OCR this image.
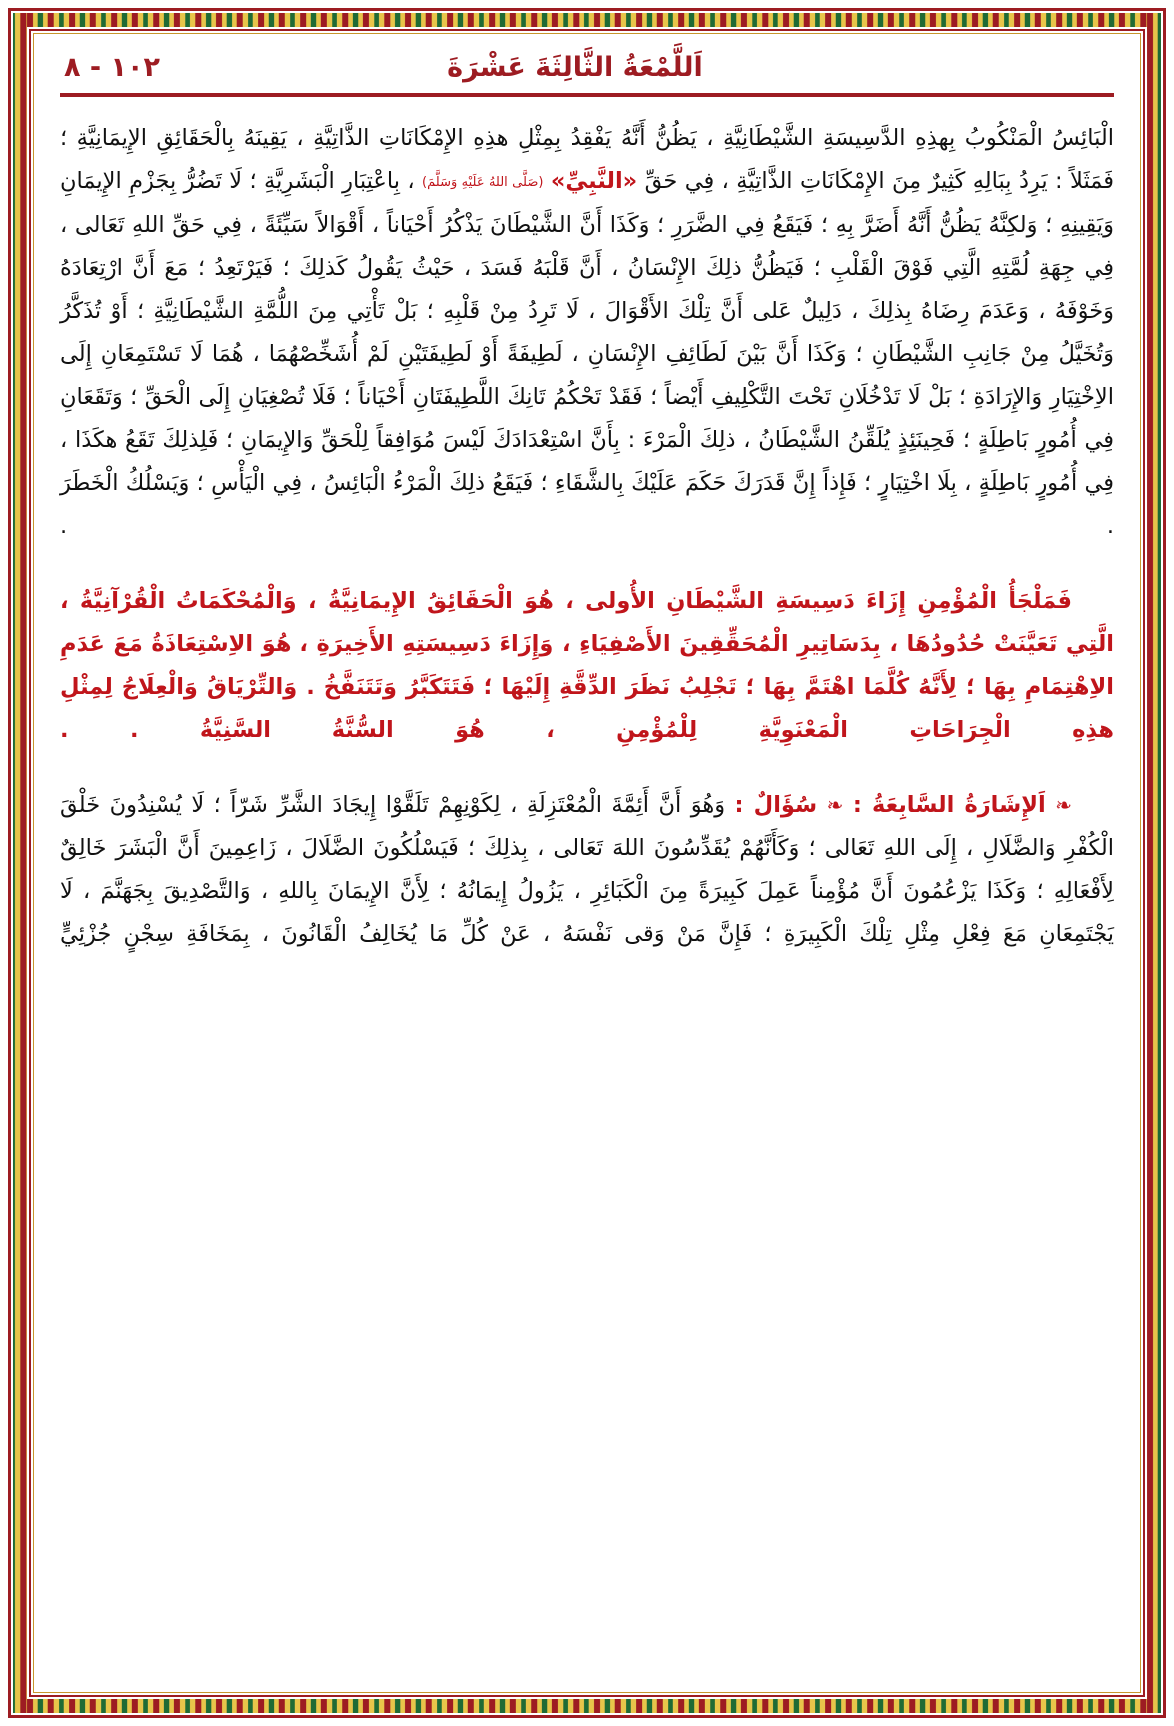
١٠٢ - ٨	اَللَّمْعَةُ الثَّالِثَةَ عَشْرَةَ
الْبَائِسُ الْمَنْكُوبُ بِهذِهِ الدَّسِيسَةِ الشَّيْطَانِيَّةِ ، يَظُنُّ أَنَّهُ يَفْقِدُ بِمِثْلِ هذِهِ الإِمْكَانَاتِ الذَّاتِيَّةِ ، يَقِينَهُ بِالْحَقَائِقِ الإِيمَانِيَّةِ ؛ فَمَثَلاً : يَرِدُ بِبَالِهِ كَثِيرٌ مِنَ الإِمْكَانَاتِ الذَّاتِيَّةِ ، فِي حَقِّ «النَّبِيِّ» (صَلَّى اللهُ عَلَيْهِ وَسَلَّمَ) ، بِاعْتِبَارِ الْبَشَرِيَّةِ ؛ لَا تَضُرُّ بِجَزْمِ الإِيمَانِ وَيَقِينِهِ ؛ وَلكِنَّهُ يَظُنُّ أَنَّهُ أَضَرَّ بِهِ ؛ فَيَقَعُ فِي الضَّرَرِ ؛ وَكَذَا أَنَّ الشَّيْطَانَ يَذْكُرُ أَحْيَاناً ، أَقْوَالاً سَيِّئَةً ، فِي حَقِّ اللهِ تَعَالى ، فِي جِهَةِ لُمَّتِهِ الَّتِي فَوْقَ الْقَلْبِ ؛ فَيَظُنُّ ذلِكَ الإِنْسَانُ ، أَنَّ قَلْبَهُ فَسَدَ ، حَيْثُ يَقُولُ كَذلِكَ ؛ فَيَرْتَعِدُ ؛ مَعَ أَنَّ ارْتِعَادَهُ وَخَوْفَهُ ، وَعَدَمَ رِضَاهُ بِذلِكَ ، دَلِيلٌ عَلى أَنَّ تِلْكَ الأَقْوَالَ ، لَا تَرِدُ مِنْ قَلْبِهِ ؛ بَلْ تَأْتِي مِنَ اللُّمَّةِ الشَّيْطَانِيَّةِ ؛ أَوْ تُذَكَّرُ وَتُخَيَّلُ مِنْ جَانِبِ الشَّيْطَانِ ؛ وَكَذَا أَنَّ بَيْنَ لَطَائِفِ الإِنْسَانِ ، لَطِيفَةً أَوْ لَطِيفَتَيْنِ لَمْ أُشَخِّصْهُمَا ، هُمَا لَا تَسْتَمِعَانِ إِلَى الاِخْتِيَارِ وَالإِرَادَةِ ؛ بَلْ لَا تَدْخُلَانِ تَحْتَ التَّكْلِيفِ أَيْضاً ؛ فَقَدْ تَحْكُمُ تَانِكَ اللَّطِيفَتَانِ أَحْيَاناً ؛ فَلَا تُصْغِيَانِ إِلَى الْحَقِّ ؛ وَتَقَعَانِ فِي أُمُورٍ بَاطِلَةٍ ؛ فَحِينَئِذٍ يُلَقِّنُ الشَّيْطَانُ ، ذلِكَ الْمَرْءَ : بِأَنَّ اسْتِعْدَادَكَ لَيْسَ مُوَافِقاً لِلْحَقِّ وَالإِيمَانِ ؛ فَلِذلِكَ تَقَعُ هكَذَا ، فِي أُمُورٍ بَاطِلَةٍ ، بِلَا اخْتِيَارٍ ؛ فَإِذاً إِنَّ قَدَرَكَ حَكَمَ عَلَيْكَ بِالشَّقَاءِ ؛ فَيَقَعُ ذلِكَ الْمَرْءُ الْبَائِسُ ، فِي الْيَأْسِ ؛ وَيَسْلُكُ الْخَطَرَ . .
فَمَلْجَأُ الْمُؤْمِنِ إِزَاءَ دَسِيسَةِ الشَّيْطَانِ الأُولى ، هُوَ الْحَقَائِقُ الإِيمَانِيَّةُ ، وَالْمُحْكَمَاتُ الْقُرْآنِيَّةُ ، الَّتِي تَعَيَّنَتْ حُدُودُهَا ، بِدَسَاتِيرِ الْمُحَقِّقِينَ الأَصْفِيَاءِ ، وَإِزَاءَ دَسِيسَتِهِ الأَخِيرَةِ ، هُوَ الاِسْتِعَاذَةُ مَعَ عَدَمِ الاِهْتِمَامِ بِهَا ؛ لِأَنَّهُ كُلَّمَا اهْتَمَّ بِهَا ؛ تَجْلِبُ نَظَرَ الدِّقَّةِ إِلَيْهَا ؛ فَتَتَكَبَّرُ وَتَتَنَفَّخُ . وَالتِّرْيَاقُ وَالْعِلَاجُ لِمِثْلِ هذِهِ الْجِرَاحَاتِ الْمَعْنَوِيَّةِ لِلْمُؤْمِنِ ، هُوَ السُّنَّةُ السَّنِيَّةُ . .
❧ اَلإِشَارَةُ السَّابِعَةُ : ❧ سُؤَالٌ : وَهُوَ أَنَّ أَئِمَّةَ الْمُعْتَزِلَةِ ، لِكَوْنِهِمْ تَلَقَّوْا إِيجَادَ الشَّرِّ شَرّاً ؛ لَا يُسْنِدُونَ خَلْقَ الْكُفْرِ وَالضَّلَالِ ، إِلَى اللهِ تَعَالى ؛ وَكَأَنَّهُمْ يُقَدِّسُونَ اللهَ تَعَالى ، بِذلِكَ ؛ فَيَسْلُكُونَ الضَّلَالَ ، زَاعِمِينَ أَنَّ الْبَشَرَ خَالِقٌ لِأَفْعَالِهِ ؛ وَكَذَا يَزْعُمُونَ أَنَّ مُؤْمِناً عَمِلَ كَبِيرَةً مِنَ الْكَبَائِرِ ، يَزُولُ إِيمَانُهُ ؛ لِأَنَّ الإِيمَانَ بِاللهِ ، وَالتَّصْدِيقَ بِجَهَنَّمَ ، لَا يَجْتَمِعَانِ مَعَ فِعْلِ مِثْلِ تِلْكَ الْكَبِيرَةِ ؛ فَإِنَّ مَنْ وَقى نَفْسَهُ ، عَنْ كُلِّ مَا يُخَالِفُ الْقَانُونَ ، بِمَخَافَةِ سِجْنٍ جُزْئِيٍّ
